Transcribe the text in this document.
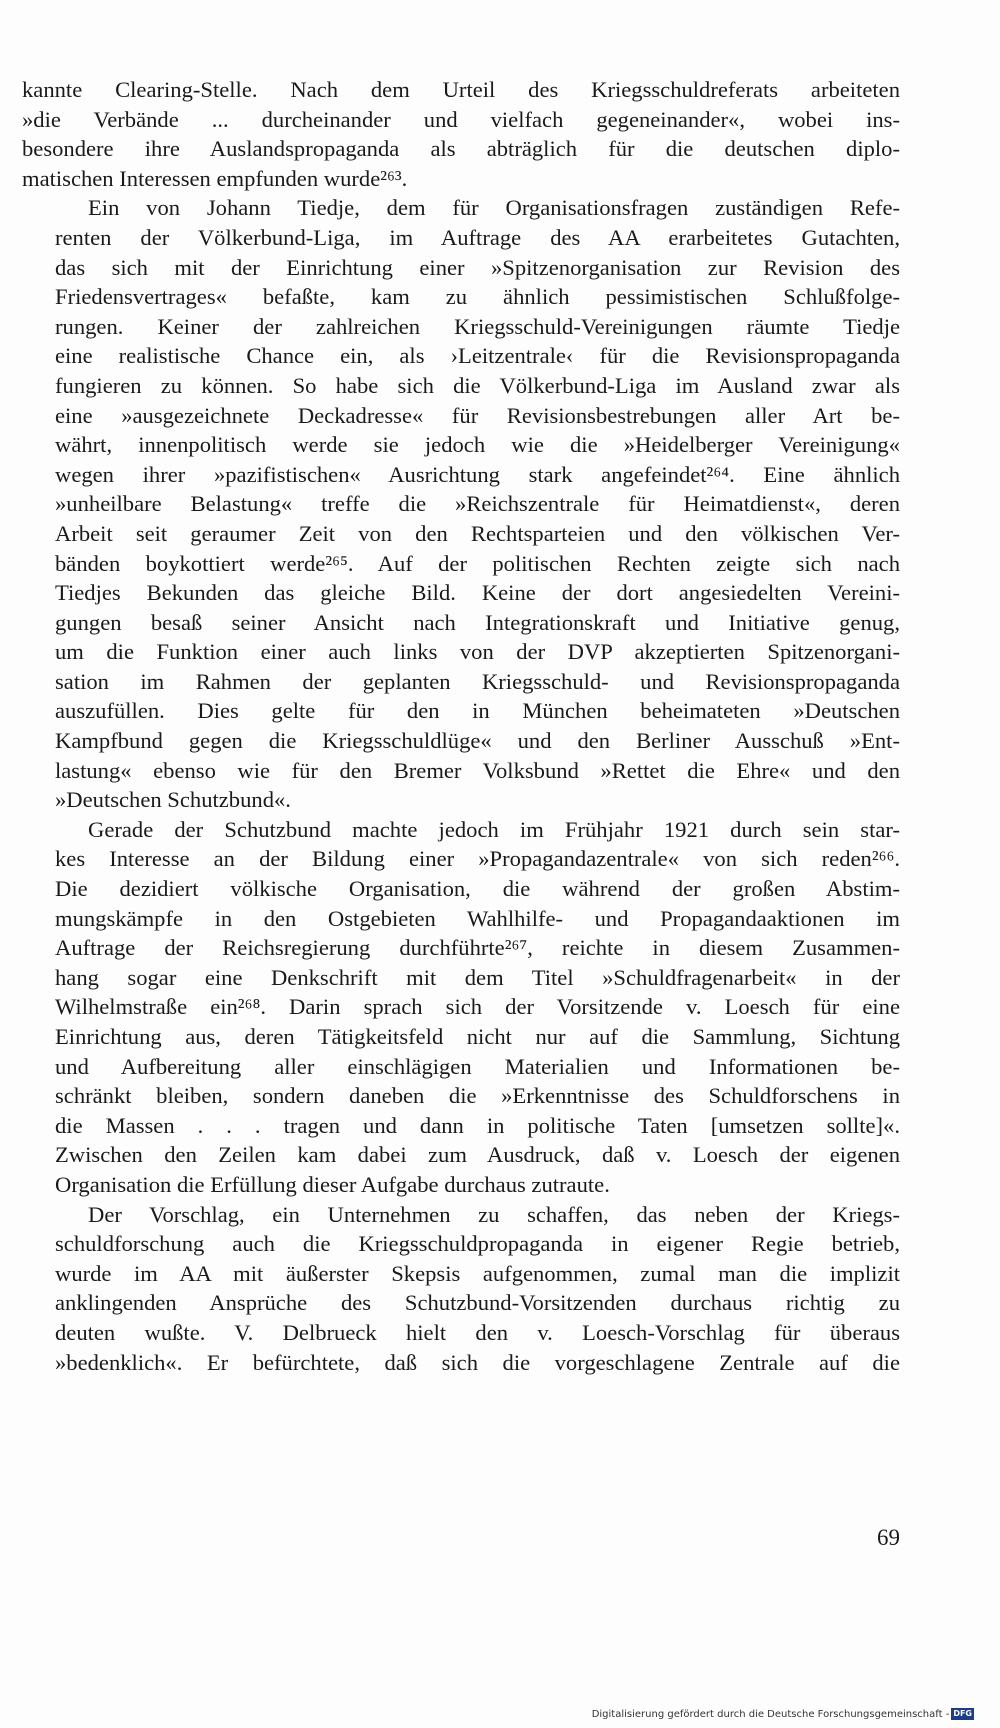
kannte Clearing-Stelle. Nach dem Urteil des Kriegsschuldreferats arbeiteten
»die Verbände ... durcheinander und vielfach gegeneinander«, wobei ins-
besondere ihre Auslandspropaganda als abträglich für die deutschen diplo-
matischen Interessen empfunden wurde²⁶³.
Ein von Johann Tiedje, dem für Organisationsfragen zuständigen Refe-
renten der Völkerbund-Liga, im Auftrage des AA erarbeitetes Gutachten,
das sich mit der Einrichtung einer »Spitzenorganisation zur Revision des
Friedensvertrages« befaßte, kam zu ähnlich pessimistischen Schlußfolge-
rungen. Keiner der zahlreichen Kriegsschuld-Vereinigungen räumte Tiedje
eine realistische Chance ein, als ›Leitzentrale‹ für die Revisionspropaganda
fungieren zu können. So habe sich die Völkerbund-Liga im Ausland zwar als
eine »ausgezeichnete Deckadresse« für Revisionsbestrebungen aller Art be-
währt, innenpolitisch werde sie jedoch wie die »Heidelberger Vereinigung«
wegen ihrer »pazifistischen« Ausrichtung stark angefeindet²⁶⁴. Eine ähnlich
»unheilbare Belastung« treffe die »Reichszentrale für Heimatdienst«, deren
Arbeit seit geraumer Zeit von den Rechtsparteien und den völkischen Ver-
bänden boykottiert werde²⁶⁵. Auf der politischen Rechten zeigte sich nach
Tiedjes Bekunden das gleiche Bild. Keine der dort angesiedelten Vereini-
gungen besaß seiner Ansicht nach Integrationskraft und Initiative genug,
um die Funktion einer auch links von der DVP akzeptierten Spitzenorgani-
sation im Rahmen der geplanten Kriegsschuld- und Revisionspropaganda
auszufüllen. Dies gelte für den in München beheimateten »Deutschen
Kampfbund gegen die Kriegsschuldlüge« und den Berliner Ausschuß »Ent-
lastung« ebenso wie für den Bremer Volksbund »Rettet die Ehre« und den
»Deutschen Schutzbund«.
Gerade der Schutzbund machte jedoch im Frühjahr 1921 durch sein star-
kes Interesse an der Bildung einer »Propagandazentrale« von sich reden²⁶⁶.
Die dezidiert völkische Organisation, die während der großen Abstim-
mungskämpfe in den Ostgebieten Wahlhilfe- und Propagandaaktionen im
Auftrage der Reichsregierung durchführte²⁶⁷, reichte in diesem Zusammen-
hang sogar eine Denkschrift mit dem Titel »Schuldfragenarbeit« in der
Wilhelmstraße ein²⁶⁸. Darin sprach sich der Vorsitzende v. Loesch für eine
Einrichtung aus, deren Tätigkeitsfeld nicht nur auf die Sammlung, Sichtung
und Aufbereitung aller einschlägigen Materialien und Informationen be-
schränkt bleiben, sondern daneben die »Erkenntnisse des Schuldforschens in
die Massen . . . tragen und dann in politische Taten [umsetzen sollte]«.
Zwischen den Zeilen kam dabei zum Ausdruck, daß v. Loesch der eigenen
Organisation die Erfüllung dieser Aufgabe durchaus zutraute.
Der Vorschlag, ein Unternehmen zu schaffen, das neben der Kriegs-
schuldforschung auch die Kriegsschuldpropaganda in eigener Regie betrieb,
wurde im AA mit äußerster Skepsis aufgenommen, zumal man die implizit
anklingenden Ansprüche des Schutzbund-Vorsitzenden durchaus richtig zu
deuten wußte. V. Delbrueck hielt den v. Loesch-Vorschlag für überaus
»bedenklich«. Er befürchtete, daß sich die vorgeschlagene Zentrale auf die
69
Digitalisierung gefördert durch die Deutsche Forschungsgemeinschaft - DFG
